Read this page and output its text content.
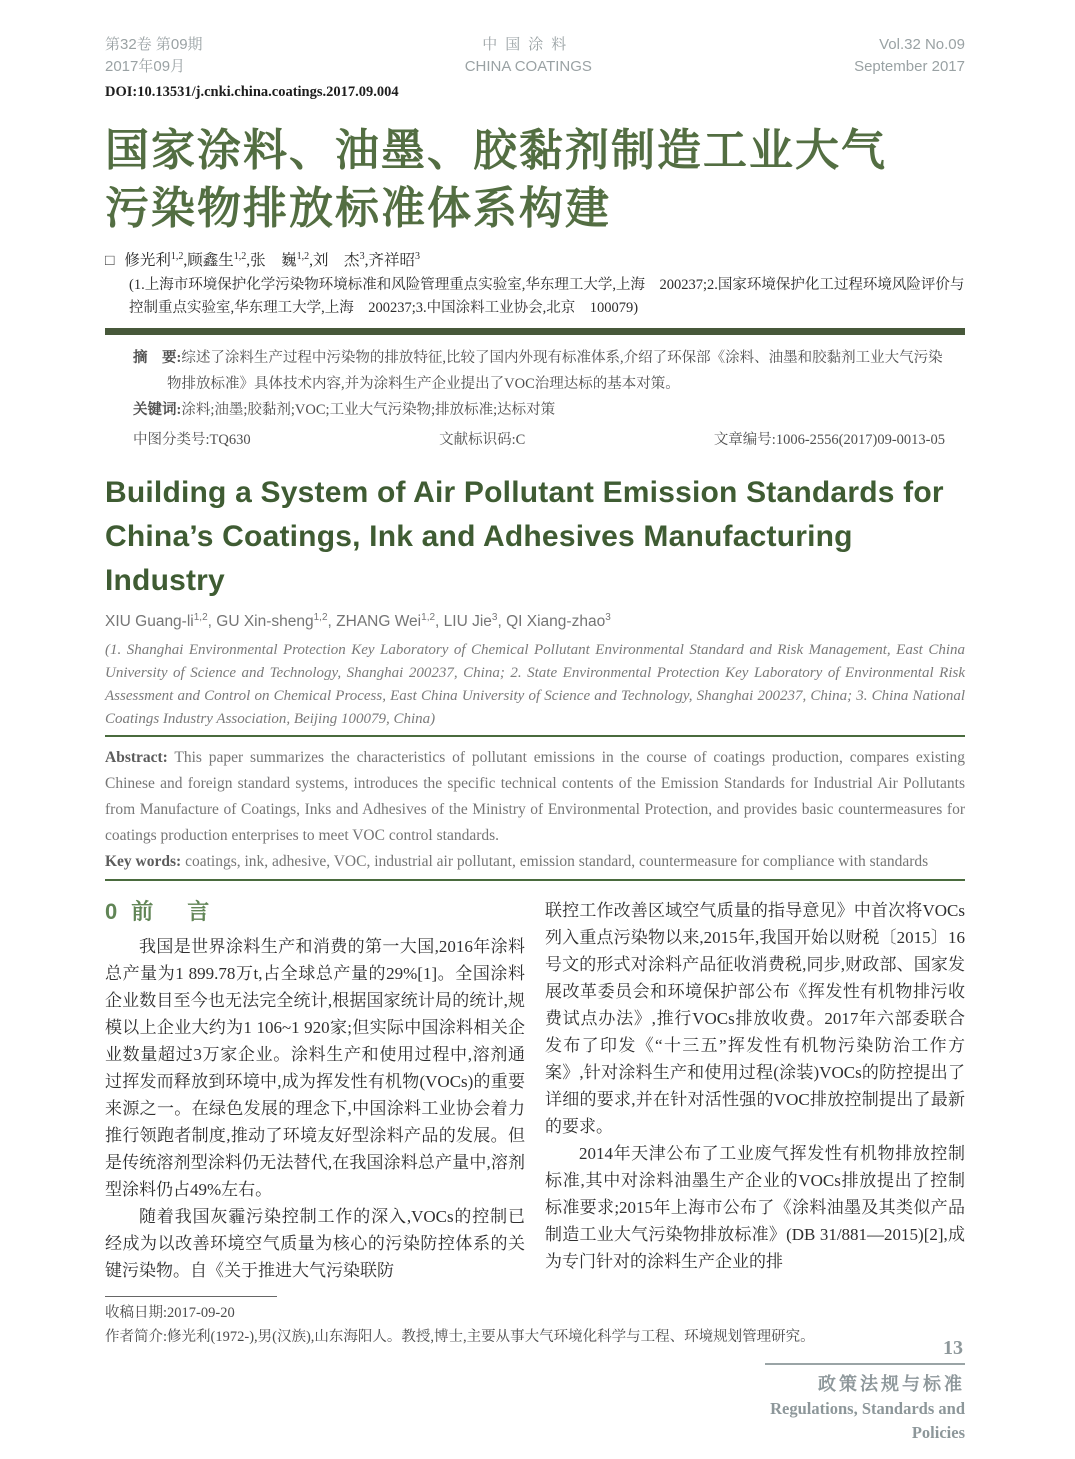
第32卷 第09期
2017年09月
中国涂料
CHINA COATINGS
Vol.32 No.09
September 2017
DOI:10.13531/j.cnki.china.coatings.2017.09.004
国家涂料、油墨、胶黏剂制造工业大气
污染物排放标准体系构建
□ 修光利$^{1,2}$,顾鑫生$^{1,2}$,张　巍$^{1,2}$,刘　杰$^3$,齐祥昭$^3$
(1.上海市环境保护化学污染物环境标准和风险管理重点实验室,华东理工大学,上海　200237;2.国家环境保护化工过程环境风险评价与控制重点实验室,华东理工大学,上海　200237;3.中国涂料工业协会,北京　100079)

摘　要:综述了涂料生产过程中污染物的排放特征,比较了国内外现有标准体系,介绍了环保部《涂料、油墨和胶黏剂工业大气污染物排放标准》具体技术内容,并为涂料生产企业提出了VOC治理达标的基本对策。

关键词:涂料;油墨;胶黏剂;VOC;工业大气污染物;排放标准;达标对策

中图分类号:TQ630	文献标识码:C	文章编号:1006-2556(2017)09-0013-05
Building a System of Air Pollutant Emission Standards for
China’s Coatings, Ink and Adhesives Manufacturing Industry
XIU Guang-li$^{1,2}$, GU Xin-sheng$^{1,2}$, ZHANG Wei$^{1,2}$, LIU Jie$^3$, QI Xiang-zhao$^3$
(1. Shanghai Environmental Protection Key Laboratory of Chemical Pollutant Environmental Standard and Risk Management, East China University of Science and Technology, Shanghai 200237, China; 2. State Environmental Protection Key Laboratory of Environmental Risk Assessment and Control on Chemical Process, East China University of Science and Technology, Shanghai 200237, China; 3. China National Coatings Industry Association, Beijing 100079, China)

Abstract: This paper summarizes the characteristics of pollutant emissions in the course of coatings production, compares existing Chinese and foreign standard systems, introduces the specific technical contents of the Emission Standards for Industrial Air Pollutants from Manufacture of Coatings, Inks and Adhesives of the Ministry of Environmental Protection, and provides basic countermeasures for coatings production enterprises to meet VOC control standards.

Key words: coatings, ink, adhesive, VOC, industrial air pollutant, emission standard, countermeasure for compliance with standards

0 前　言

我国是世界涂料生产和消费的第一大国,2016年涂料总产量为1 899.78万t,占全球总产量的29%[1]。全国涂料企业数目至今也无法完全统计,根据国家统计局的统计,规模以上企业大约为1 106~1 920家;但实际中国涂料相关企业数量超过3万家企业。涂料生产和使用过程中,溶剂通过挥发而释放到环境中,成为挥发性有机物(VOCs)的重要来源之一。在绿色发展的理念下,中国涂料工业协会着力推行领跑者制度,推动了环境友好型涂料产品的发展。但是传统溶剂型涂料仍无法替代,在我国涂料总产量中,溶剂型涂料仍占49%左右。

随着我国灰霾污染控制工作的深入,VOCs的控制已经成为以改善环境空气质量为核心的污染防控体系的关键污染物。自《关于推进大气污染联防

联控工作改善区域空气质量的指导意见》中首次将VOCs列入重点污染物以来,2015年,我国开始以财税〔2015〕16号文的形式对涂料产品征收消费税,同步,财政部、国家发展改革委员会和环境保护部公布《挥发性有机物排污收费试点办法》,推行VOCs排放收费。2017年六部委联合发布了印发《“十三五”挥发性有机物污染防治工作方案》,针对涂料生产和使用过程(涂装)VOCs的防控提出了详细的要求,并在针对活性强的VOC排放控制提出了最新的要求。

2014年天津公布了工业废气挥发性有机物排放控制标准,其中对涂料油墨生产企业的VOCs排放提出了控制标准要求;2015年上海市公布了《涂料油墨及其类似产品制造工业大气污染物排放标准》(DB 31/881—2015)[2],成为专门针对的涂料生产企业的排

收稿日期:2017-09-20

作者简介:修光利(1972-),男(汉族),山东海阳人。教授,博士,主要从事大气环境化科学与工程、环境规划管理研究。	13
政策法规与标准
Regulations, Standards and Policies
